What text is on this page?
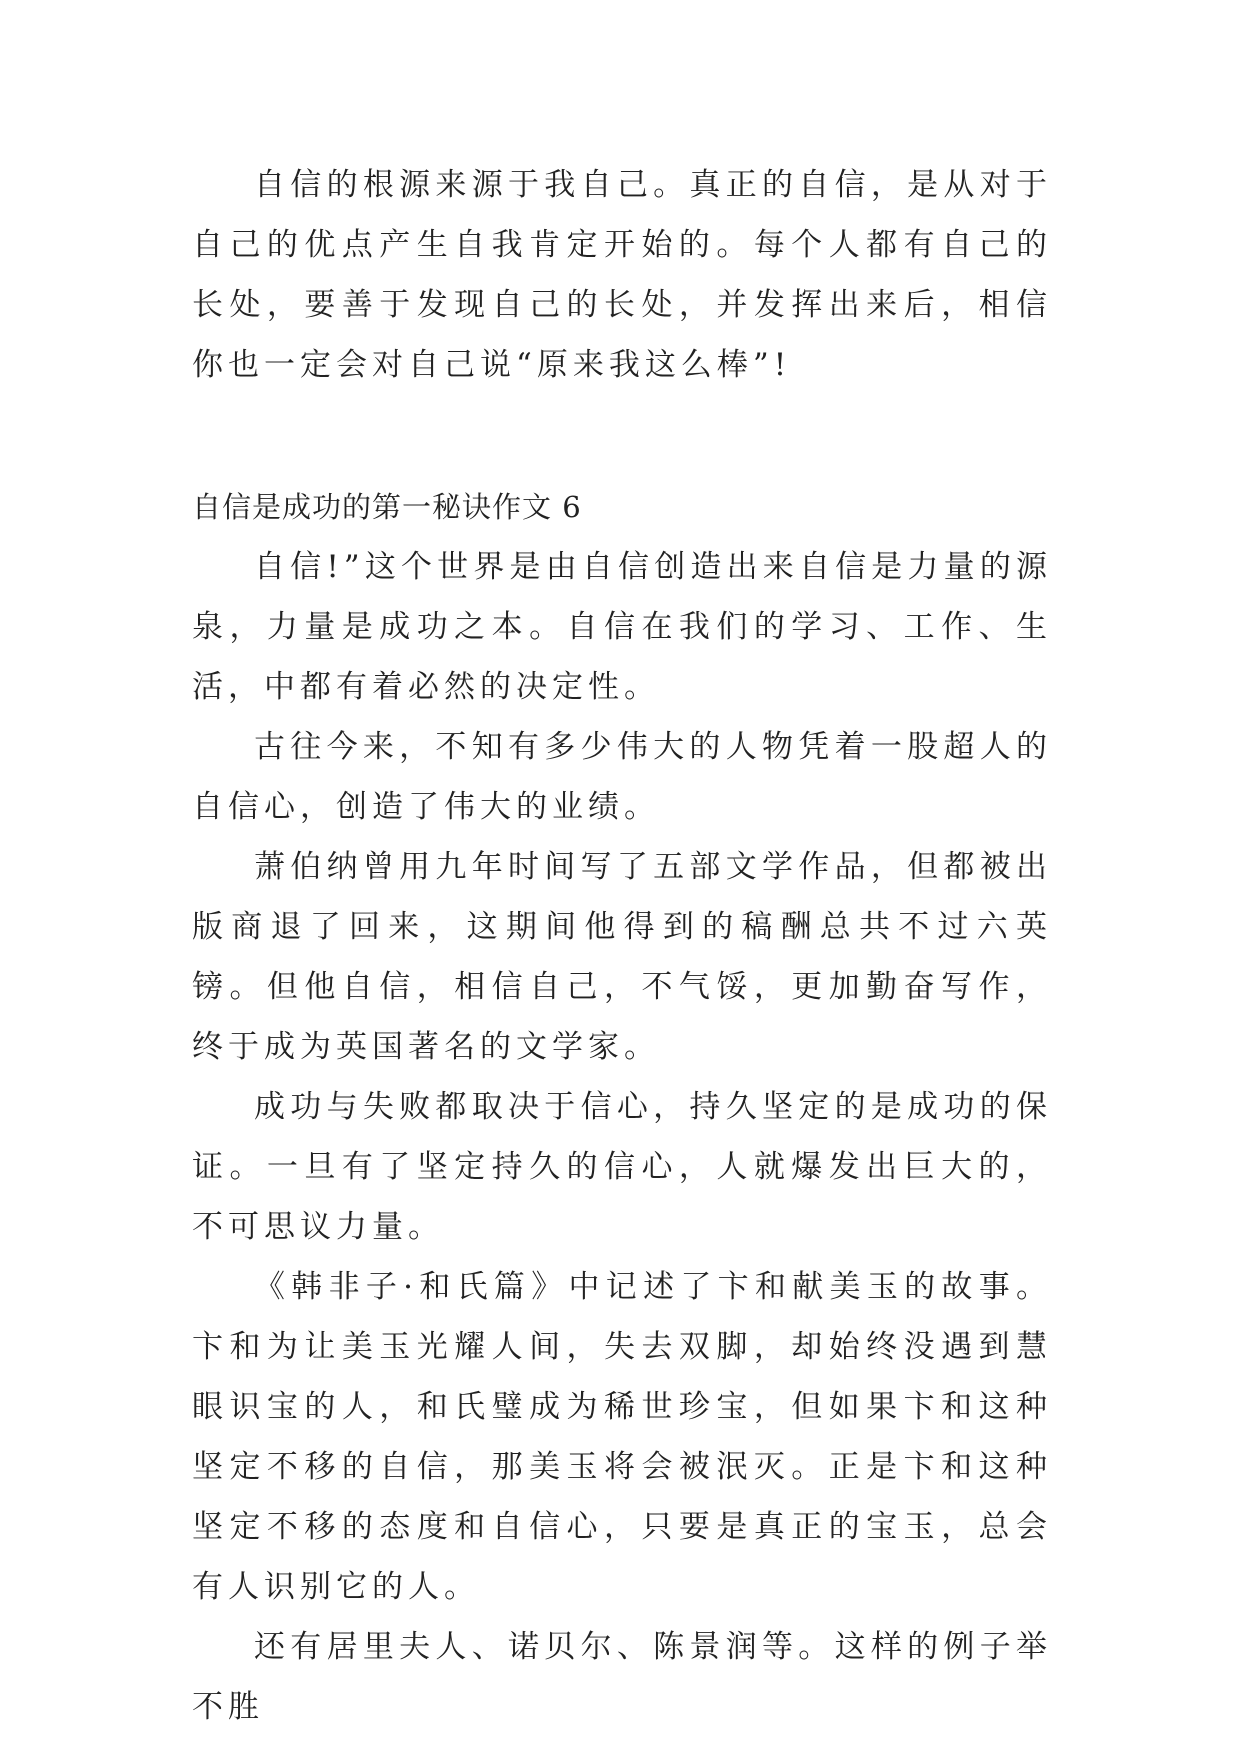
自信的根源来源于我自己。真正的自信，是从对于自己的优点产生自我肯定开始的。每个人都有自己的长处，要善于发现自己的长处，并发挥出来后，相信你也一定会对自己说“原来我这么棒”!

自信是成功的第一秘诀作文 6

自信!”这个世界是由自信创造出来自信是力量的源泉，力量是成功之本。自信在我们的学习、工作、生活，中都有着必然的决定性。

古往今来，不知有多少伟大的人物凭着一股超人的自信心，创造了伟大的业绩。

萧伯纳曾用九年时间写了五部文学作品，但都被出版商退了回来，这期间他得到的稿酬总共不过六英镑。但他自信，相信自己，不气馁，更加勤奋写作，终于成为英国著名的文学家。

成功与失败都取决于信心，持久坚定的是成功的保证。一旦有了坚定持久的信心，人就爆发出巨大的，不可思议力量。

《韩非子·和氏篇》中记述了卞和献美玉的故事。卞和为让美玉光耀人间，失去双脚，却始终没遇到慧眼识宝的人，和氏璧成为稀世珍宝，但如果卞和这种坚定不移的自信，那美玉将会被泯灭。正是卞和这种坚定不移的态度和自信心，只要是真正的宝玉，总会有人识别它的人。

还有居里夫人、诺贝尔、陈景润等。这样的例子举不胜
